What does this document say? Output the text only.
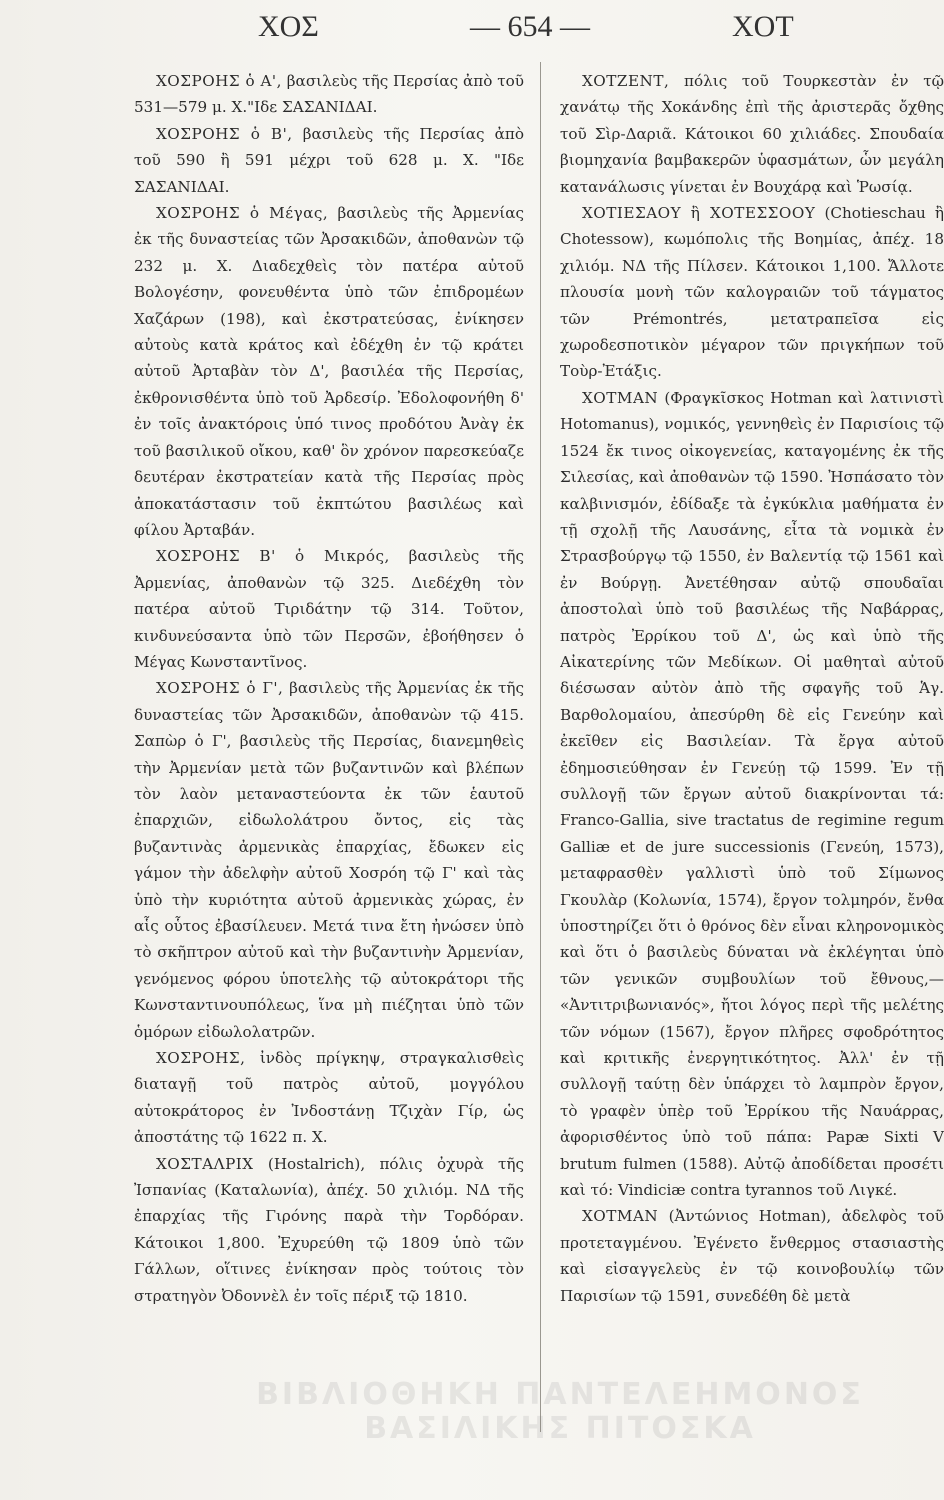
ΧΟΣ	— 654 —	ΧΟΤ

ΧΟΣΡΟΗΣ ὁ Α', βασιλεὺς τῆς Περσίας ἀπὸ τοῦ 531—579 μ. Χ."Ιδε ΣΑΣΑΝΙΔΑΙ.

ΧΟΣΡΟΗΣ ὁ Β', βασιλεὺς τῆς Περσίας ἀπὸ τοῦ 590 ἢ 591 μέχρι τοῦ 628 μ. Χ. "Ιδε ΣΑΣΑΝΙΔΑΙ.

ΧΟΣΡΟΗΣ ὁ Μέγας, βασιλεὺς τῆς Ἀρμενίας ἐκ τῆς δυναστείας τῶν Ἀρσακιδῶν, ἀποθανὼν τῷ 232 μ. Χ. Διαδεχθεὶς τὸν πατέρα αὐτοῦ Βολογέσην, φονευθέντα ὑπὸ τῶν ἐπιδρομέων Χαζάρων (198), καὶ ἐκστρατεύσας, ἐνίκησεν αὐτοὺς κατὰ κράτος καὶ ἐδέχθη ἐν τῷ κράτει αὐτοῦ Ἀρταβὰν τὸν Δ', βασιλέα τῆς Περσίας, ἐκθρονισθέντα ὑπὸ τοῦ Ἀρδεσίρ. Ἐδολοφονήθη δ' ἐν τοῖς ἀνακτόροις ὑπό τινος προδότου Ἀνὰγ ἐκ τοῦ βασιλικοῦ οἴκου, καθ' ὃν χρόνον παρεσκεύαζε δευτέραν ἐκστρατείαν κατὰ τῆς Περσίας πρὸς ἀποκατάστασιν τοῦ ἐκπτώτου βασιλέως καὶ φίλου Ἀρταβάν.

ΧΟΣΡΟΗΣ Β' ὁ Μικρός, βασιλεὺς τῆς Ἀρμενίας, ἀποθανὼν τῷ 325. Διεδέχθη τὸν πατέρα αὐτοῦ Τιριδάτην τῷ 314. Τοῦτον, κινδυνεύσαντα ὑπὸ τῶν Περσῶν, ἐβοήθησεν ὁ Μέγας Κωνσταντῖνος.

ΧΟΣΡΟΗΣ ὁ Γ', βασιλεὺς τῆς Ἀρμενίας ἐκ τῆς δυναστείας τῶν Ἀρσακιδῶν, ἀποθανὼν τῷ 415. Σαπὼρ ὁ Γ', βασιλεὺς τῆς Περσίας, διανεμηθεὶς τὴν Ἀρμενίαν μετὰ τῶν βυζαντινῶν καὶ βλέπων τὸν λαὸν μεταναστεύοντα ἐκ τῶν ἑαυτοῦ ἐπαρχιῶν, εἰδωλολάτρου ὄντος, εἰς τὰς βυζαντινὰς ἀρμενικὰς ἐπαρχίας, ἔδωκεν εἰς γάμον τὴν ἀδελφὴν αὐτοῦ Χοσρόη τῷ Γ' καὶ τὰς ὑπὸ τὴν κυριότητα αὐτοῦ ἀρμενικὰς χώρας, ἐν αἷς οὗτος ἐβασίλευεν. Μετά τινα ἔτη ἠνώσεν ὑπὸ τὸ σκῆπτρον αὐτοῦ καὶ τὴν βυζαντινὴν Ἀρμενίαν, γενόμενος φόρου ὑποτελὴς τῷ αὐτοκράτορι τῆς Κωνσταντινουπόλεως, ἵνα μὴ πιέζηται ὑπὸ τῶν ὁμόρων εἰδωλολατρῶν.

ΧΟΣΡΟΗΣ, ἰνδὸς πρίγκηψ, στραγκαλισθεὶς διαταγῇ τοῦ πατρὸς αὐτοῦ, μογγόλου αὐτοκράτορος ἐν Ἰνδοστάνῃ Τζιχὰν Γίρ, ὡς ἀποστάτης τῷ 1622 π. Χ.

ΧΟΣΤΑΛΡΙΧ (Hostalrich), πόλις ὀχυρὰ τῆς Ἰσπανίας (Καταλωνία), ἀπέχ. 50 χιλιόμ. ΝΔ τῆς ἐπαρχίας τῆς Γιρόνης παρὰ τὴν Τορδόραν. Κάτοικοι 1,800. Ἐχυρεύθη τῷ 1809 ὑπὸ τῶν Γάλλων, οἵτινες ἐνίκησαν πρὸς τούτοις τὸν στρατηγὸν Ὀδοννὲλ ἐν τοῖς πέριξ τῷ 1810.

ΧΟΤΖΕΝΤ, πόλις τοῦ Τουρκεστὰν ἐν τῷ χανάτῳ τῆς Χοκάνδης ἐπὶ τῆς ἀριστερᾶς ὄχθης τοῦ Σὶρ-Δαριᾶ. Κάτοικοι 60 χιλιάδες. Σπουδαία βιομηχανία βαμβακερῶν ὑφασμάτων, ὧν μεγάλη κατανάλωσις γίνεται ἐν Βουχάρᾳ καὶ Ῥωσίᾳ.

ΧΟΤΙΕΣΑΟΥ ἢ ΧΟΤΕΣΣΟΟΥ (Chotieschau ἢ Chotessow), κωμόπολις τῆς Βοημίας, ἀπέχ. 18 χιλιόμ. ΝΔ τῆς Πίλσεν. Κάτοικοι 1,100. Ἄλλοτε πλουσία μονὴ τῶν καλογραιῶν τοῦ τάγματος τῶν Prémontrés, μετατραπεῖσα εἰς χωροδεσποτικὸν μέγαρον τῶν πριγκήπων τοῦ Τοὺρ-Ἐτάξις.

ΧΟΤΜΑΝ (Φραγκῖσκος Hotman καὶ λατινιστὶ Hotomanus), νομικός, γεννηθεὶς ἐν Παρισίοις τῷ 1524 ἔκ τινος οἰκογενείας, καταγομένης ἐκ τῆς Σιλεσίας, καὶ ἀποθανὼν τῷ 1590. Ἠσπάσατο τὸν καλβινισμόν, ἐδίδαξε τὰ ἐγκύκλια μαθήματα ἐν τῇ σχολῇ τῆς Λαυσάνης, εἶτα τὰ νομικὰ ἐν Στρασβούργῳ τῷ 1550, ἐν Βαλεντίᾳ τῷ 1561 καὶ ἐν Βούργῃ. Ἀνετέθησαν αὐτῷ σπουδαῖαι ἀποστολαὶ ὑπὸ τοῦ βασιλέως τῆς Ναβάρρας, πατρὸς Ἐρρίκου τοῦ Δ', ὡς καὶ ὑπὸ τῆς Αἰκατερίνης τῶν Μεδίκων. Οἱ μαθηταὶ αὐτοῦ διέσωσαν αὐτὸν ἀπὸ τῆς σφαγῆς τοῦ Ἁγ. Βαρθολομαίου, ἀπεσύρθη δὲ εἰς Γενεύην καὶ ἐκεῖθεν εἰς Βασιλείαν. Τὰ ἔργα αὐτοῦ ἐδημοσιεύθησαν ἐν Γενεύῃ τῷ 1599. Ἐν τῇ συλλογῇ τῶν ἔργων αὐτοῦ διακρίνονται τά: Franco-Gallia, sive tractatus de regimine regum Galliæ et de jure successionis (Γενεύη, 1573), μεταφρασθὲν γαλλιστὶ ὑπὸ τοῦ Σίμωνος Γκουλὰρ (Κολωνία, 1574), ἔργον τολμηρόν, ἔνθα ὑποστηρίζει ὅτι ὁ θρόνος δὲν εἶναι κληρονομικὸς καὶ ὅτι ὁ βασιλεὺς δύναται νὰ ἐκλέγηται ὑπὸ τῶν γενικῶν συμβουλίων τοῦ ἔθνους,— «Ἀντιτριβωνιανός», ἤτοι λόγος περὶ τῆς μελέτης τῶν νόμων (1567), ἔργον πλῆρες σφοδρότητος καὶ κριτικῆς ἐνεργητικότητος. Ἀλλ' ἐν τῇ συλλογῇ ταύτῃ δὲν ὑπάρχει τὸ λαμπρὸν ἔργον, τὸ γραφὲν ὑπὲρ τοῦ Ἐρρίκου τῆς Ναυάρρας, ἀφορισθέντος ὑπὸ τοῦ πάπα: Papæ Sixti V brutum fulmen (1588). Αὐτῷ ἀποδίδεται προσέτι καὶ τό: Vindiciæ contra tyrannos τοῦ Λιγκέ.

ΧΟΤΜΑΝ (Ἀντώνιος Hotman), ἀδελφὸς τοῦ προτεταγμένου. Ἐγένετο ἔνθερμος στασιαστὴς καὶ εἰσαγγελεὺς ἐν τῷ κοινοβουλίῳ τῶν Παρισίων τῷ 1591, συνεδέθη δὲ μετὰ

ΒΙΒΛΙΟΘΗΚΗ ΠΑΝΤΕΛΕΗΜΟΝΟΣ ΒΑΣΙΛΙΚΗΣ ΠΙΤΟΣΚΑ
